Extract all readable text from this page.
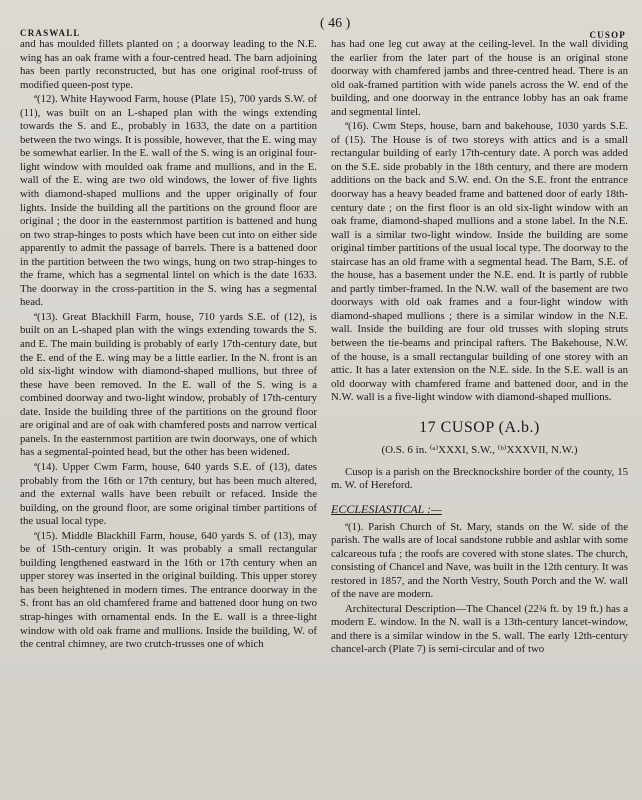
CRASWALL
( 46 )
CUSOP

and has moulded fillets planted on ; a doorway leading to the N.E. wing has an oak frame with a four-centred head. The barn adjoining has been partly reconstructed, but has one original roof-truss of modified queen-post type.

ª(12). White Haywood Farm, house (Plate 15), 700 yards S.W. of (11), was built on an L-shaped plan with the wings extending towards the S. and E., probably in 1633, the date on a partition between the two wings. It is possible, however, that the E. wing may be somewhat earlier. In the E. wall of the S. wing is an original four-light window with moulded oak frame and mullions, and in the E. wall of the E. wing are two old windows, the lower of five lights with diamond-shaped mullions and the upper originally of four lights. Inside the building all the partitions on the ground floor are original ; the door in the easternmost partition is battened and hung on two strap-hinges to posts which have been cut into on either side apparently to admit the passage of barrels. There is a battened door in the partition between the two wings, hung on two strap-hinges to the frame, which has a segmental lintel on which is the date 1633. The doorway in the cross-partition in the S. wing has a segmental head.

ª(13). Great Blackhill Farm, house, 710 yards S.E. of (12), is built on an L-shaped plan with the wings extending towards the S. and E. The main building is probably of early 17th-century date, but the E. end of the E. wing may be a little earlier. In the N. front is an old six-light window with diamond-shaped mullions, but three of these have been removed. In the E. wall of the S. wing is a combined doorway and two-light window, probably of 17th-century date. Inside the building three of the partitions on the ground floor are original and are of oak with chamfered posts and narrow vertical panels. In the easternmost partition are twin doorways, one of which has a segmental-pointed head, but the other has been widened.

ª(14). Upper Cwm Farm, house, 640 yards S.E. of (13), dates probably from the 16th or 17th century, but has been much altered, and the external walls have been rebuilt or refaced. Inside the building, on the ground floor, are some original timber partitions of the usual local type.

ª(15). Middle Blackhill Farm, house, 640 yards S. of (13), may be of 15th-century origin. It was probably a small rectangular building lengthened eastward in the 16th or 17th century when an upper storey was inserted in the original building. This upper storey has been heightened in modern times. The entrance doorway in the S. front has an old chamfered frame and battened door hung on two strap-hinges with ornamental ends. In the E. wall is a three-light window with old oak frame and mullions. Inside the building, W. of the central chimney, are two crutch-trusses one of which

has had one leg cut away at the ceiling-level. In the wall dividing the earlier from the later part of the house is an original stone doorway with chamfered jambs and three-centred head. There is an old oak-framed partition with wide panels across the W. end of the building, and one doorway in the entrance lobby has an oak frame and segmental lintel.

ª(16). Cwm Steps, house, barn and bakehouse, 1030 yards S.E. of (15). The House is of two storeys with attics and is a small rectangular building of early 17th-century date. A porch was added on the S.E. side probably in the 18th century, and there are modern additions on the back and S.W. end. On the S.E. front the entrance doorway has a heavy beaded frame and battened door of early 18th-century date ; on the first floor is an old six-light window with an oak frame, diamond-shaped mullions and a stone label. In the N.E. wall is a similar two-light window. Inside the building are some original timber partitions of the usual local type. The doorway to the staircase has an old frame with a segmental head. The Barn, S.E. of the house, has a basement under the N.E. end. It is partly of rubble and partly timber-framed. In the N.W. wall of the basement are two doorways with old oak frames and a four-light window with diamond-shaped mullions ; there is a similar window in the N.E. wall. Inside the building are four old trusses with sloping struts between the tie-beams and principal rafters. The Bakehouse, N.W. of the house, is a small rectangular building of one storey with an attic. It has a later extension on the N.E. side. In the S.E. wall is an old doorway with chamfered frame and battened door, and in the N.W. wall is a five-light window with diamond-shaped mullions.

17 CUSOP (A.b.)
(O.S. 6 in. ⁽ᵃ⁾XXXI, S.W., ⁽ᵇ⁾XXXVII, N.W.)

Cusop is a parish on the Brecknockshire border of the county, 15 m. W. of Hereford.

ECCLESIASTICAL :—

ª(1). Parish Church of St. Mary, stands on the W. side of the parish. The walls are of local sandstone rubble and ashlar with some calcareous tufa ; the roofs are covered with stone slates. The church, consisting of Chancel and Nave, was built in the 12th century. It was restored in 1857, and the North Vestry, South Porch and the W. wall of the nave are modern.

Architectural Description—The Chancel (22¾ ft. by 19 ft.) has a modern E. window. In the N. wall is a 13th-century lancet-window, and there is a similar window in the S. wall. The early 12th-century chancel-arch (Plate 7) is semi-circular and of two
